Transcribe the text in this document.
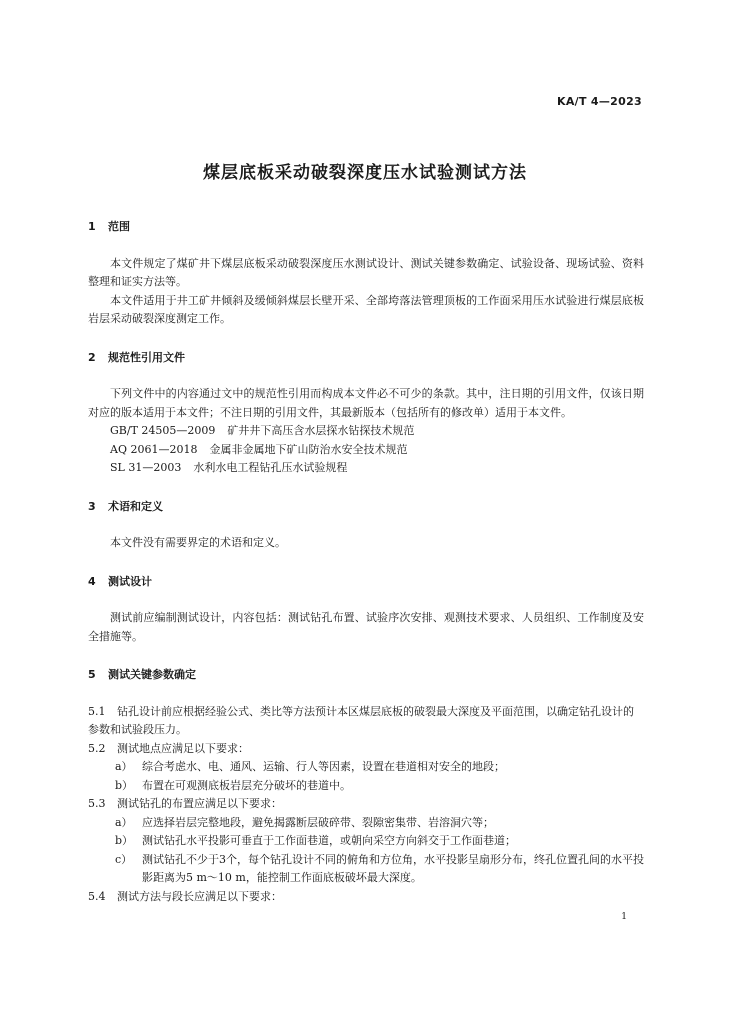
KA/T 4—2023
煤层底板采动破裂深度压水试验测试方法

1 范围

本文件规定了煤矿井下煤层底板采动破裂深度压水测试设计、测试关键参数确定、试验设备、现场试验、资料整理和证实方法等。

本文件适用于井工矿井倾斜及缓倾斜煤层长壁开采、全部垮落法管理顶板的工作面采用压水试验进行煤层底板岩层采动破裂深度测定工作。

2 规范性引用文件

下列文件中的内容通过文中的规范性引用而构成本文件必不可少的条款。其中，注日期的引用文件，仅该日期对应的版本适用于本文件；不注日期的引用文件，其最新版本（包括所有的修改单）适用于本文件。

GB/T 24505—2009 矿井井下高压含水层探水钻探技术规范

AQ 2061—2018 金属非金属地下矿山防治水安全技术规范

SL 31—2003 水利水电工程钻孔压水试验规程

3 术语和定义

本文件没有需要界定的术语和定义。

4 测试设计

测试前应编制测试设计，内容包括：测试钻孔布置、试验序次安排、观测技术要求、人员组织、工作制度及安全措施等。

5 测试关键参数确定

5.1 钻孔设计前应根据经验公式、类比等方法预计本区煤层底板的破裂最大深度及平面范围，以确定钻孔设计的参数和试验段压力。

5.2 测试地点应满足以下要求：

a） 综合考虑水、电、通风、运输、行人等因素，设置在巷道相对安全的地段；

b） 布置在可观测底板岩层充分破坏的巷道中。

5.3 测试钻孔的布置应满足以下要求：

a） 应选择岩层完整地段，避免揭露断层破碎带、裂隙密集带、岩溶洞穴等；

b） 测试钻孔水平投影可垂直于工作面巷道，或朝向采空方向斜交于工作面巷道；

c） 测试钻孔不少于3个，每个钻孔设计不同的俯角和方位角，水平投影呈扇形分布，终孔位置孔间的水平投影距离为5 m～10 m，能控制工作面底板破坏最大深度。

5.4 测试方法与段长应满足以下要求：

1
